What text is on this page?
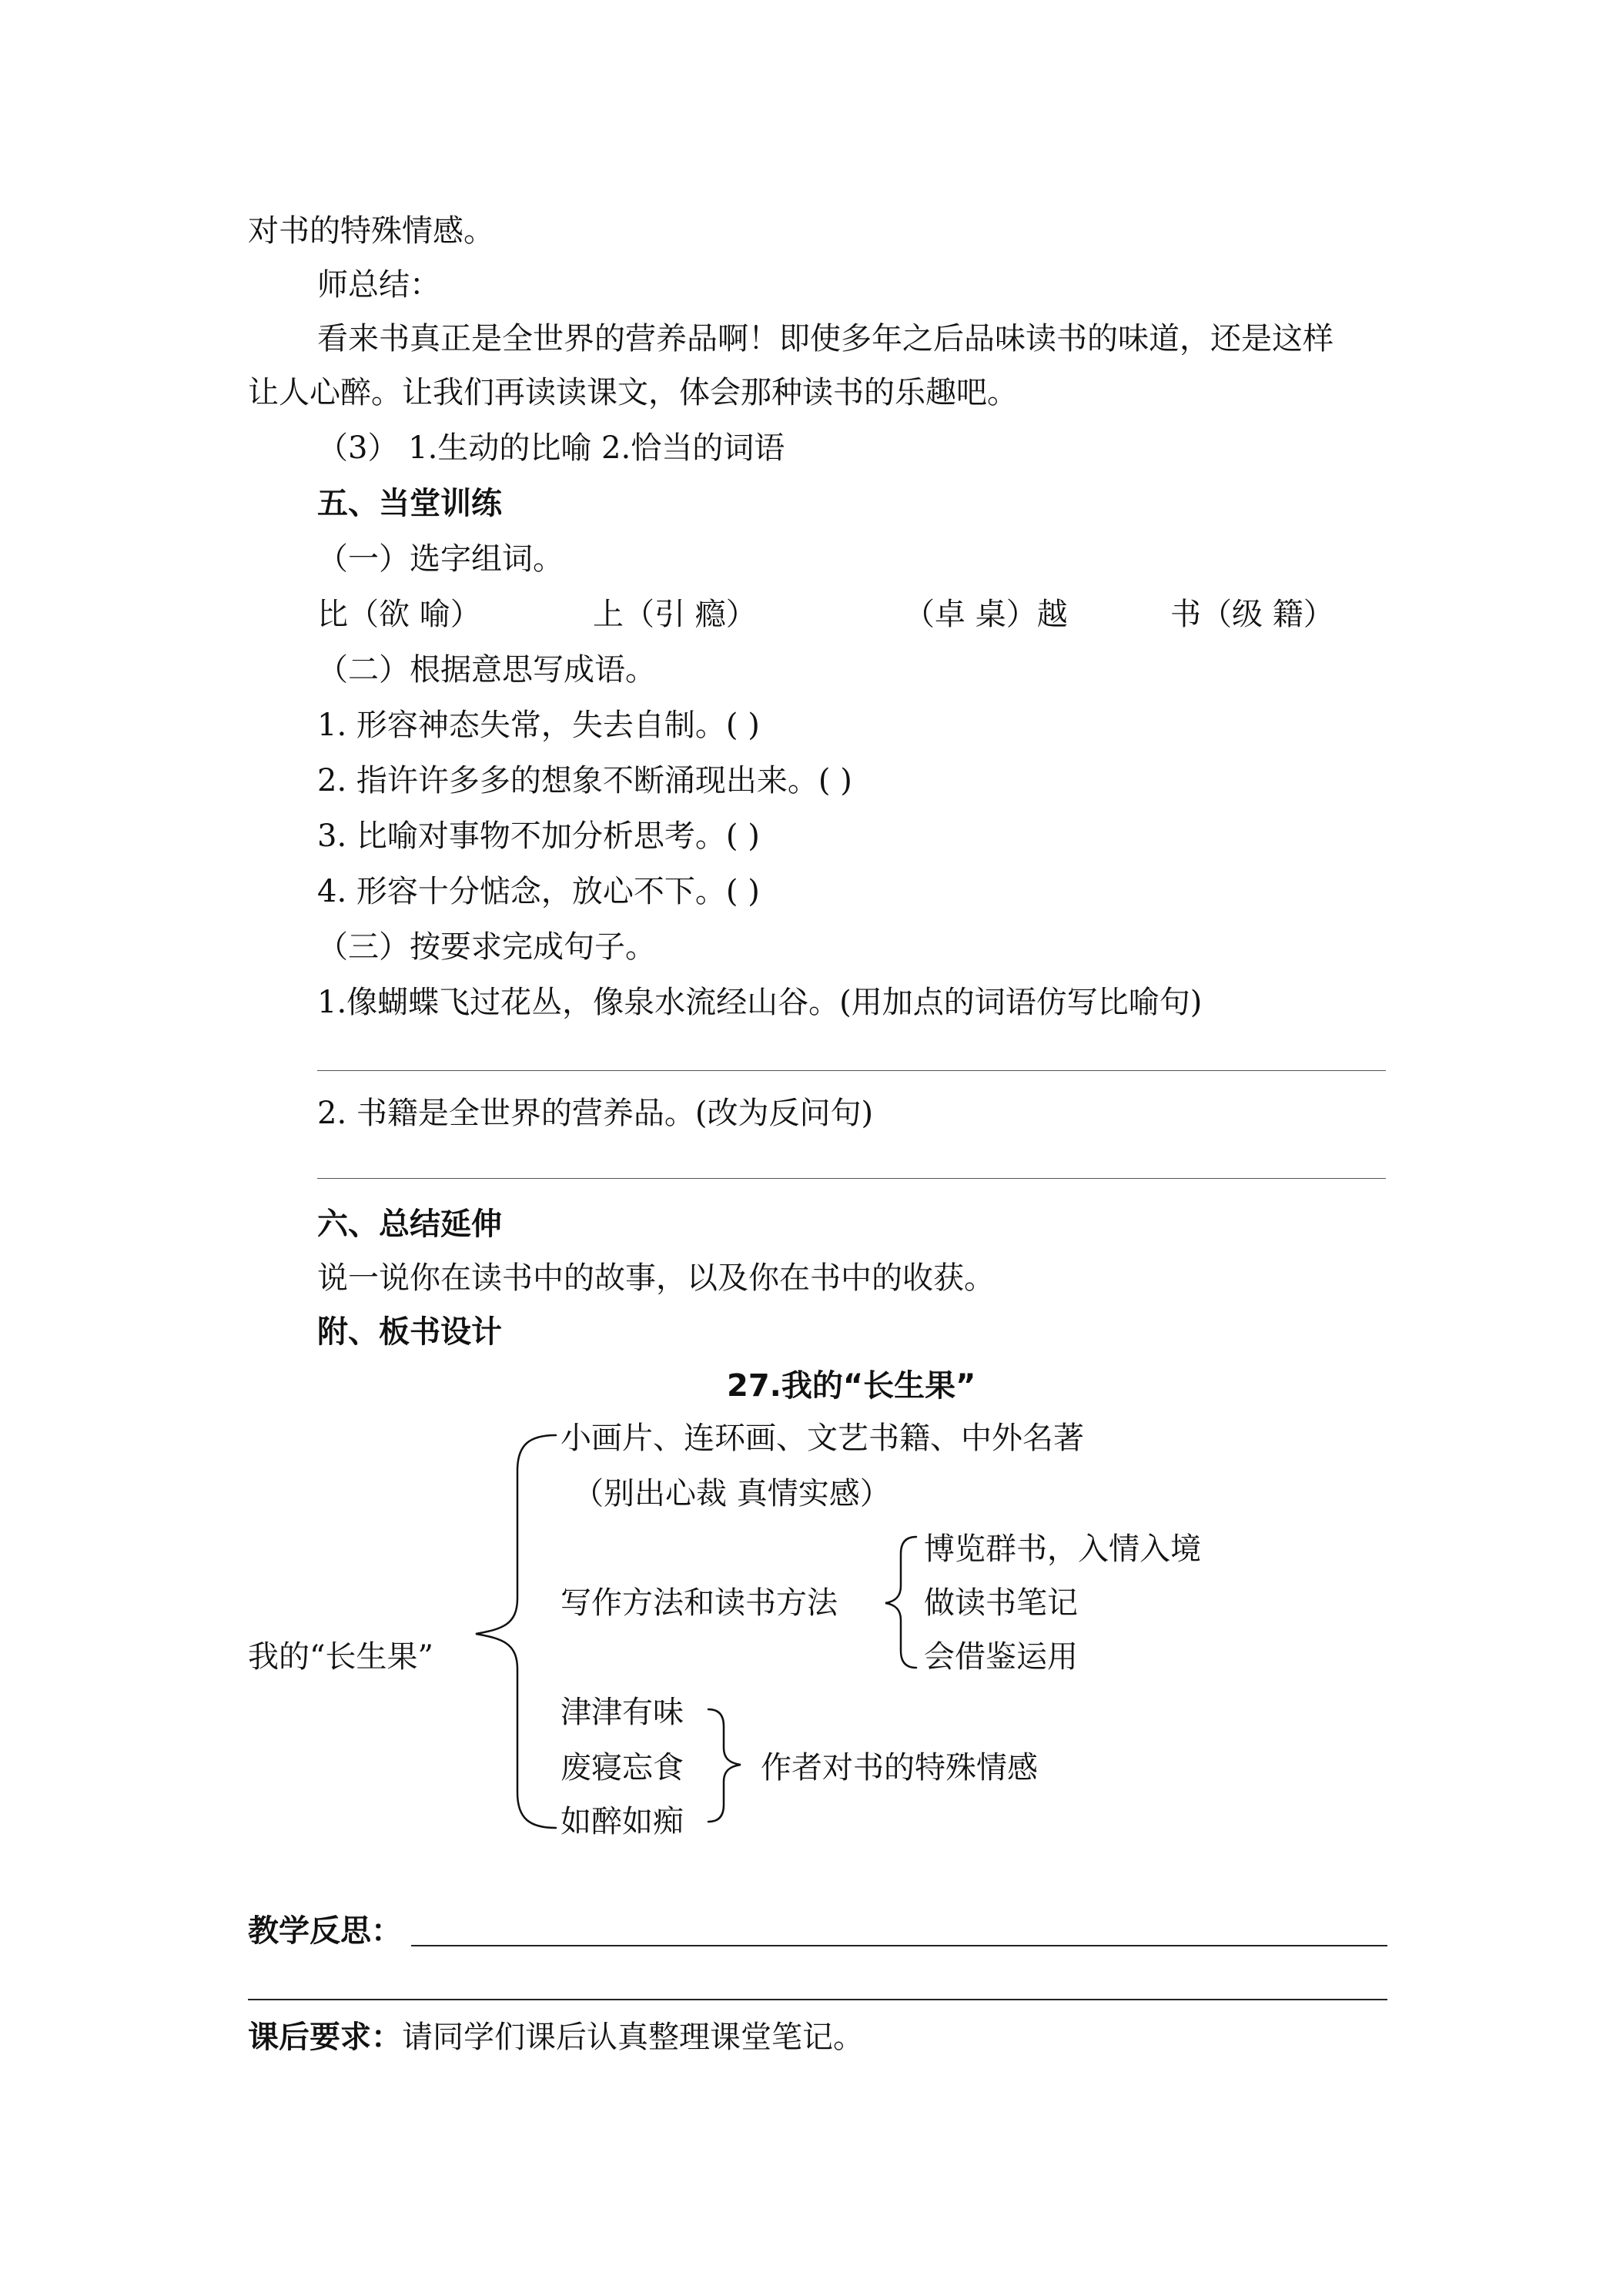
对书的特殊情感。
师总结：
看来书真正是全世界的营养品啊！即使多年之后品味读书的味道，还是这样
让人心醉。让我们再读读课文，体会那种读书的乐趣吧。
（3） 1.生动的比喻 2.恰当的词语
五、当堂训练
（一）选字组词。
比（欲 喻）	上（引 瘾）	（卓 桌）越	书（级 籍）
（二）根据意思写成语。
1. 形容神态失常，失去自制。( )
2. 指许许多多的想象不断涌现出来。( )
3. 比喻对事物不加分析思考。( )
4. 形容十分惦念，放心不下。( )
（三）按要求完成句子。
1.像蝴蝶飞过花丛，像泉水流经山谷。(用加点的词语仿写比喻句)
2. 书籍是全世界的营养品。(改为反问句)
六、总结延伸
说一说你在读书中的故事，以及你在书中的收获。
附、板书设计
27.我的“长生果”
小画片、连环画、文艺书籍、中外名著
（别出心裁 真情实感）
博览群书，入情入境
写作方法和读书方法	做读书笔记
会借鉴运用
我的“长生果”
津津有味
废寝忘食	作者对书的特殊情感
如醉如痴
教学反思：
课后要求：请同学们课后认真整理课堂笔记。
